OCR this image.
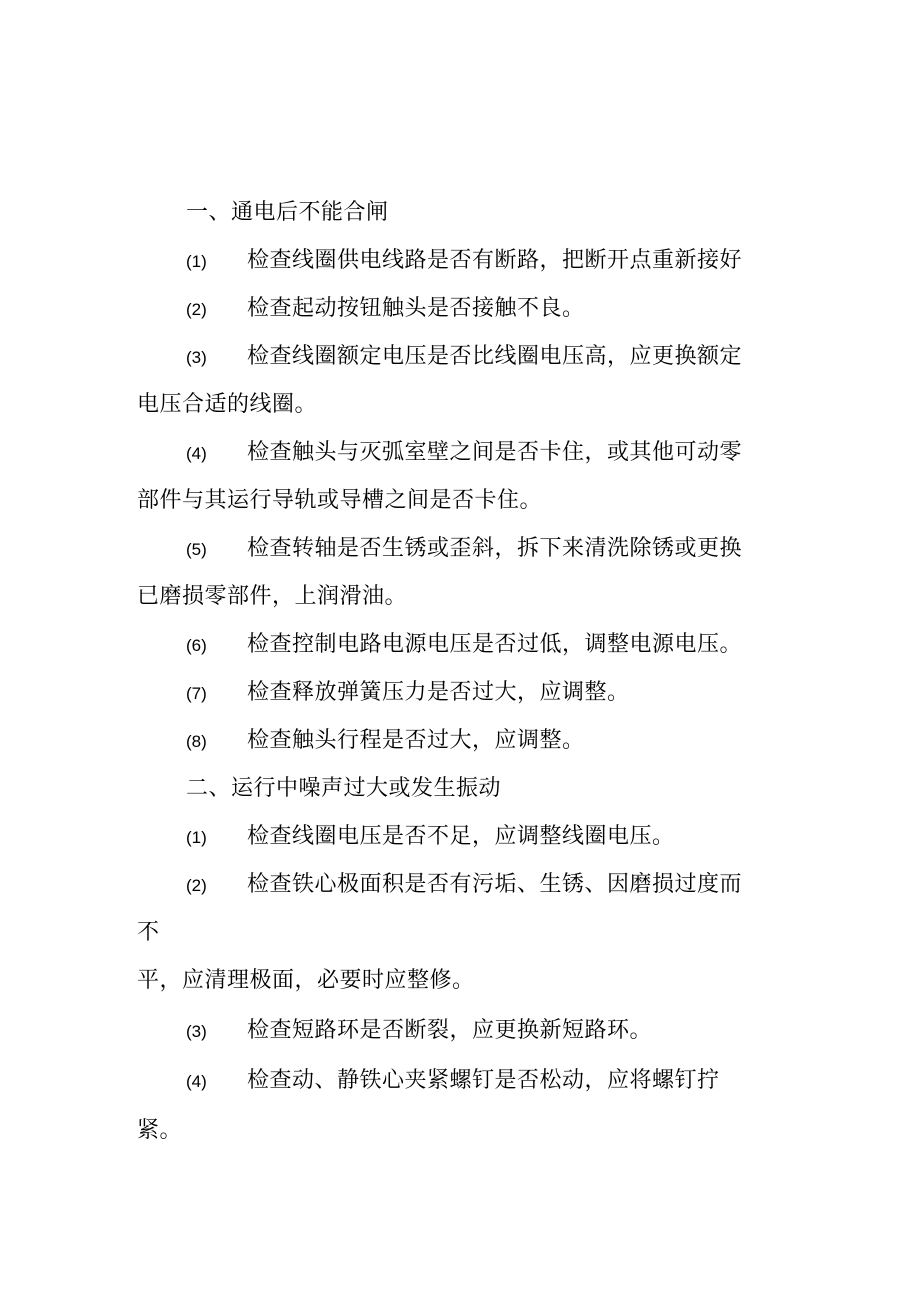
一、通电后不能合闸
(1) 检查线圈供电线路是否有断路，把断开点重新接好
(2) 检查起动按钮触头是否接触不良。
(3) 检查线圈额定电压是否比线圈电压高，应更换额定
电压合适的线圈。
(4) 检查触头与灭弧室壁之间是否卡住，或其他可动零
部件与其运行导轨或导槽之间是否卡住。
(5) 检查转轴是否生锈或歪斜，拆下来清洗除锈或更换
已磨损零部件，上润滑油。
(6) 检查控制电路电源电压是否过低，调整电源电压。
(7) 检查释放弹簧压力是否过大，应调整。
(8) 检查触头行程是否过大，应调整。
二、运行中噪声过大或发生振动
(1) 检查线圈电压是否不足，应调整线圈电压。
(2) 检查铁心极面积是否有污垢、生锈、因磨损过度而
不
平，应清理极面，必要时应整修。
(3) 检查短路环是否断裂，应更换新短路环。
(4) 检查动、静铁心夹紧螺钉是否松动，应将螺钉拧
紧。
